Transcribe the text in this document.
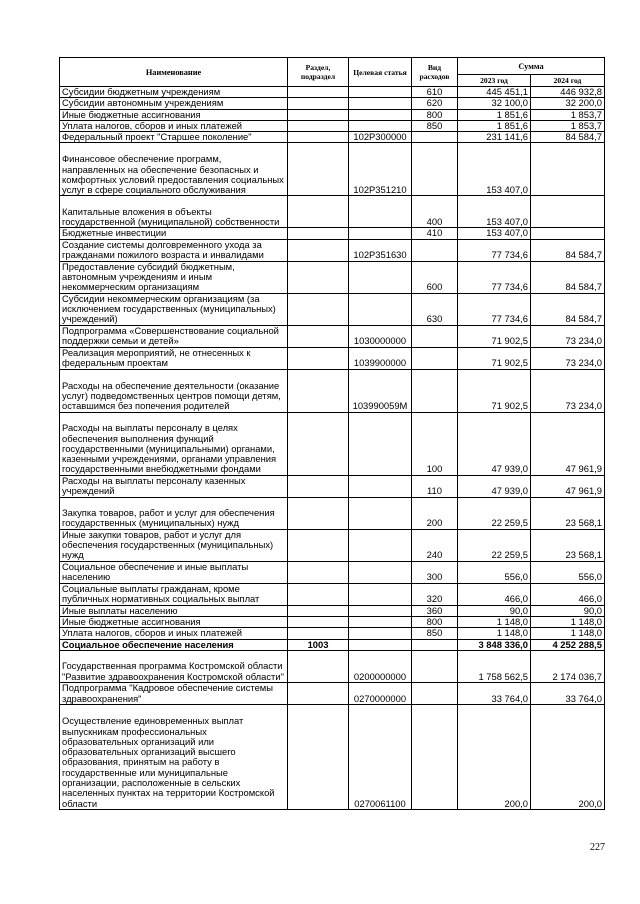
Наименование	Раздел, подраздел	Целевая статья	Вид расходов	Сумма	
				2023 год	2024 год
Субсидии бюджетным учреждениям			610	445 451,1	446 932,8
Субсидии автономным учреждениям			620	32 100,0	32 200,0
Иные бюджетные ассигнования			800	1 851,6	1 853,7
Уплата налогов, сборов и иных платежей			850	1 851,6	1 853,7
Федеральный проект "Старшее поколение"		102P300000		231 141,6	84 584,7
Финансовое обеспечение программ, направленных на обеспечение безопасных и комфортных условий предоставления социальных услуг в сфере социального обслуживания		102P351210		153 407,0	
Капитальные вложения в объекты государственной (муниципальной) собственности			400	153 407,0	
Бюджетные инвестиции			410	153 407,0	
Создание системы долговременного ухода за гражданами пожилого возраста и инвалидами		102P351630		77 734,6	84 584,7
Предоставление субсидий бюджетным, автономным учреждениям и иным некоммерческим организациям			600	77 734,6	84 584,7
Субсидии некоммерческим организациям (за исключением государственных (муниципальных) учреждений)			630	77 734,6	84 584,7
Подпрограмма «Совершенствование социальной поддержки семьи и детей»		1030000000		71 902,5	73 234,0
Реализация мероприятий, не отнесенных к федеральным проектам		1039900000		71 902,5	73 234,0
Расходы на обеспечение деятельности (оказание услуг) подведомственных центров помощи детям, оставшимся без попечения родителей		103990059М		71 902,5	73 234,0
Расходы на выплаты персоналу в целях обеспечения выполнения функций государственными (муниципальными) органами, казенными учреждениями, органами управления государственными внебюджетными фондами			100	47 939,0	47 961,9
Расходы на выплаты персоналу казенных учреждений			110	47 939,0	47 961,9
Закупка товаров, работ и услуг для обеспечения государственных (муниципальных) нужд			200	22 259,5	23 568,1
Иные закупки товаров, работ и услуг для обеспечения государственных (муниципальных) нужд			240	22 259,5	23 568,1
Социальное обеспечение и иные выплаты населению			300	556,0	556,0
Социальные выплаты гражданам, кроме публичных нормативных социальных выплат			320	466,0	466,0
Иные выплаты населению			360	90,0	90,0
Иные бюджетные ассигнования			800	1 148,0	1 148,0
Уплата налогов, сборов и иных платежей			850	1 148,0	1 148,0
Социальное обеспечение населения	1003			3 848 336,0	4 252 288,5
Государственная программа Костромской области "Развитие здравоохранения Костромской области"		0200000000		1 758 562,5	2 174 036,7
Подпрограмма "Кадровое обеспечение системы здравоохранения"		0270000000		33 764,0	33 764,0
Осуществление единовременных выплат выпускникам профессиональных образовательных организаций или образовательных организаций высшего образования, принятым на работу в государственные или муниципальные организации, расположенные в сельских населенных пунктах на территории Костромской области		0270061100		200,0	200,0
227
